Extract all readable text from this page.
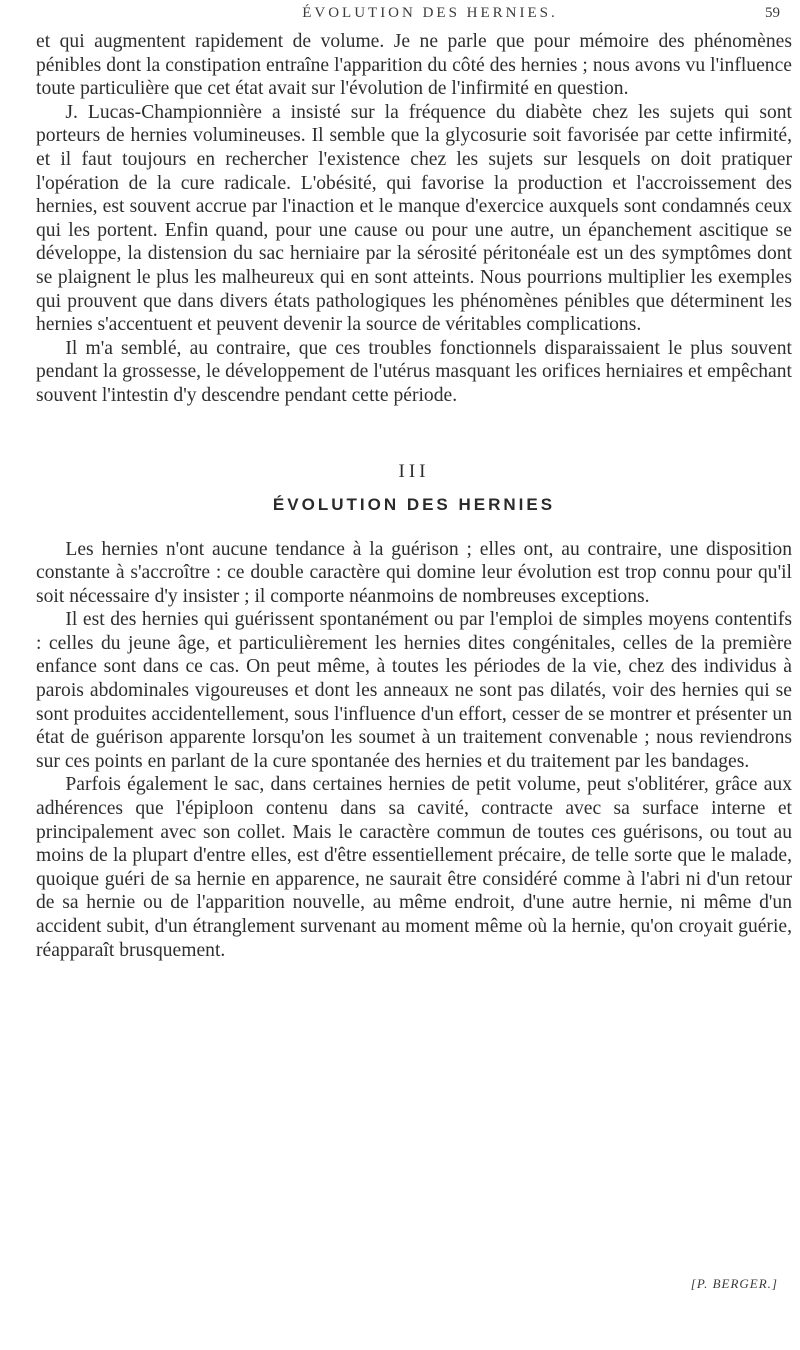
ÉVOLUTION DES HERNIES.	59

et qui augmentent rapidement de volume. Je ne parle que pour mémoire des phénomènes pénibles dont la constipation entraîne l'apparition du côté des hernies ; nous avons vu l'influence toute particulière que cet état avait sur l'évolution de l'infirmité en question.

J. Lucas-Championnière a insisté sur la fréquence du diabète chez les sujets qui sont porteurs de hernies volumineuses. Il semble que la glycosurie soit favorisée par cette infirmité, et il faut toujours en rechercher l'existence chez les sujets sur lesquels on doit pratiquer l'opération de la cure radicale. L'obésité, qui favorise la production et l'accroissement des hernies, est souvent accrue par l'inaction et le manque d'exercice auxquels sont condamnés ceux qui les portent. Enfin quand, pour une cause ou pour une autre, un épanchement ascitique se développe, la distension du sac herniaire par la sérosité péritonéale est un des symptômes dont se plaignent le plus les malheureux qui en sont atteints. Nous pourrions multiplier les exemples qui prouvent que dans divers états pathologiques les phénomènes pénibles que déterminent les hernies s'accentuent et peuvent devenir la source de véritables complications.

Il m'a semblé, au contraire, que ces troubles fonctionnels disparaissaient le plus souvent pendant la grossesse, le développement de l'utérus masquant les orifices herniaires et empêchant souvent l'intestin d'y descendre pendant cette période.

III
ÉVOLUTION DES HERNIES

Les hernies n'ont aucune tendance à la guérison ; elles ont, au contraire, une disposition constante à s'accroître : ce double caractère qui domine leur évolution est trop connu pour qu'il soit nécessaire d'y insister ; il comporte néanmoins de nombreuses exceptions.

Il est des hernies qui guérissent spontanément ou par l'emploi de simples moyens contentifs : celles du jeune âge, et particulièrement les hernies dites congénitales, celles de la première enfance sont dans ce cas. On peut même, à toutes les périodes de la vie, chez des individus à parois abdominales vigoureuses et dont les anneaux ne sont pas dilatés, voir des hernies qui se sont produites accidentellement, sous l'influence d'un effort, cesser de se montrer et présenter un état de guérison apparente lorsqu'on les soumet à un traitement convenable ; nous reviendrons sur ces points en parlant de la cure spontanée des hernies et du traitement par les bandages.

Parfois également le sac, dans certaines hernies de petit volume, peut s'oblitérer, grâce aux adhérences que l'épiploon contenu dans sa cavité, contracte avec sa surface interne et principalement avec son collet. Mais le caractère commun de toutes ces guérisons, ou tout au moins de la plupart d'entre elles, est d'être essentiellement précaire, de telle sorte que le malade, quoique guéri de sa hernie en apparence, ne saurait être considéré comme à l'abri ni d'un retour de sa hernie ou de l'apparition nouvelle, au même endroit, d'une autre hernie, ni même d'un accident subit, d'un étranglement survenant au moment même où la hernie, qu'on croyait guérie, réapparaît brusquement.

[P. BERGER.]
